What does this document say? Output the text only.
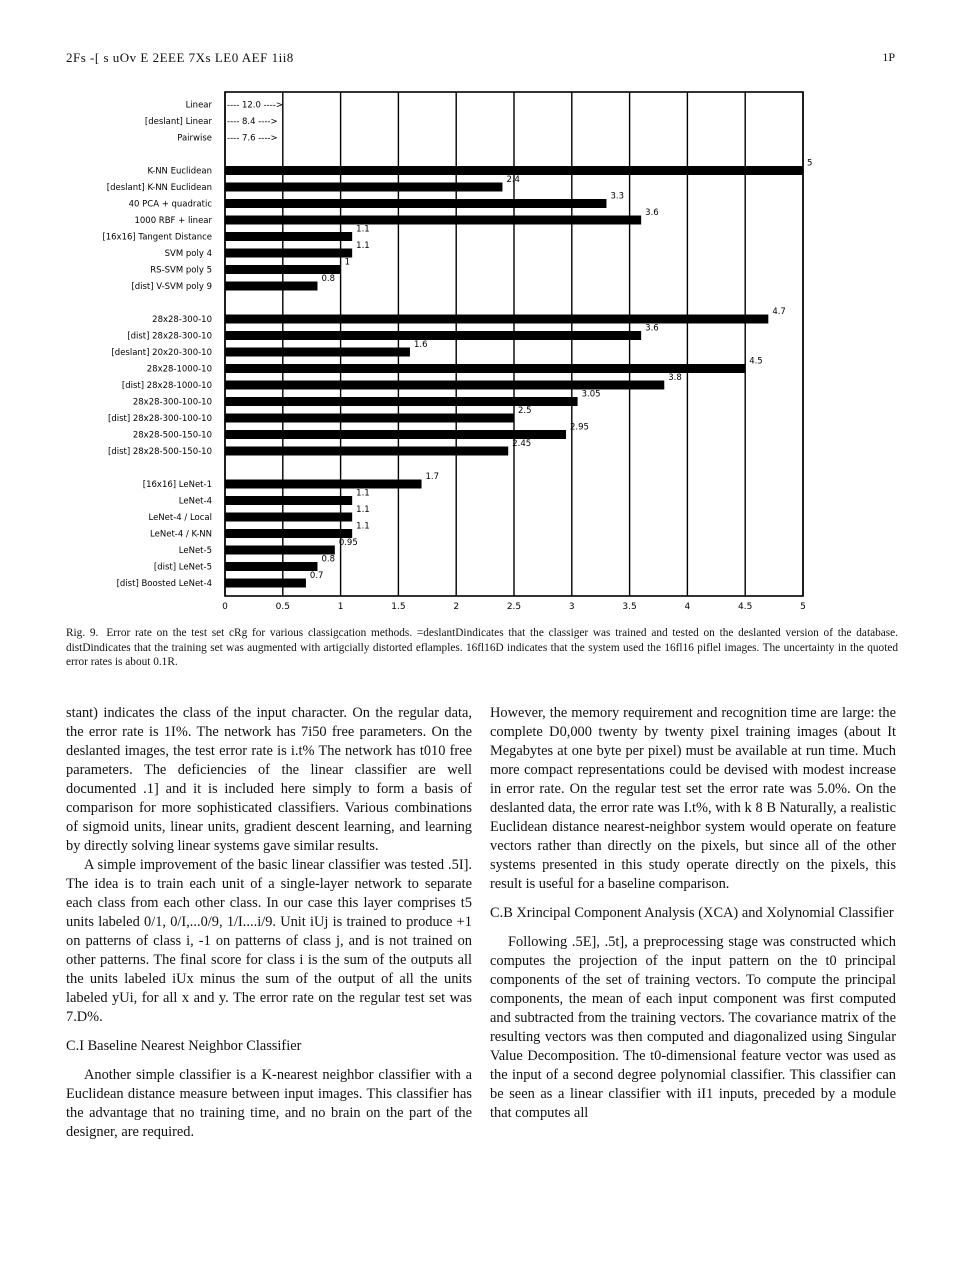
2Fs -[ s uOv E 2EEE 7Xs LE0 AEF 1ii8	1P
0	0.5	1	1.5	2	2.5	3	3.5	4	4.5	5
Linear ---- 12.0 ---->
[deslant] Linear ---- 8.4 ---->
Pairwise ---- 7.6 ---->
K-NN Euclidean
5
[deslant] K-NN Euclidean
2.4
40 PCA + quadratic
3.3
1000 RBF + linear
3.6
[16x16] Tangent Distance
1.1
SVM poly 4
1.1
RS-SVM poly 5
1
[dist] V-SVM poly 9
0.8
28x28-300-10
4.7
[dist] 28x28-300-10
3.6
[deslant] 20x20-300-10
1.6
28x28-1000-10
4.5
[dist] 28x28-1000-10
3.8
28x28-300-100-10
3.05
[dist] 28x28-300-100-10
2.5
28x28-500-150-10
2.95
[dist] 28x28-500-150-10
2.45
[16x16] LeNet-1
1.7
LeNet-4
1.1
LeNet-4 / Local
1.1
LeNet-4 / K-NN
1.1
LeNet-5
0.95
[dist] LeNet-5
0.8
[dist] Boosted LeNet-4
0.7
Rig. 9. Error rate on the test set cRg for various classigcation methods. =deslantDindicates that the classiger was trained and tested on the deslanted version of the database. distDindicates that the training set was augmented with artigcially distorted eflamples. 16fl16D indicates that the system used the 16fl16 piflel images. The uncertainty in the quoted error rates is about 0.1R.

stant) indicates the class of the input character. On the regular data, the error rate is 1I%. The network has 7i50 free parameters. On the deslanted images, the test error rate is i.t% The network has t010 free parameters. The deficiencies of the linear classifier are well documented .1] and it is included here simply to form a basis of comparison for more sophisticated classifiers. Various combinations of sigmoid units, linear units, gradient descent learning, and learning by directly solving linear systems gave similar results.

A simple improvement of the basic linear classifier was tested .5I]. The idea is to train each unit of a single-layer network to separate each class from each other class. In our case this layer comprises t5 units labeled 0/1, 0/I,...0/9, 1/I....i/9. Unit iUj is trained to produce +1 on patterns of class i, -1 on patterns of class j, and is not trained on other patterns. The final score for class i is the sum of the outputs all the units labeled iUx minus the sum of the output of all the units labeled yUi, for all x and y. The error rate on the regular test set was 7.D%.

C.I Baseline Nearest Neighbor Classifier

Another simple classifier is a K-nearest neighbor classifier with a Euclidean distance measure between input images. This classifier has the advantage that no training time, and no brain on the part of the designer, are required.

However, the memory requirement and recognition time are large: the complete D0,000 twenty by twenty pixel training images (about It Megabytes at one byte per pixel) must be available at run time. Much more compact representations could be devised with modest increase in error rate. On the regular test set the error rate was 5.0%. On the deslanted data, the error rate was I.t%, with k 8 B Naturally, a realistic Euclidean distance nearest-neighbor system would operate on feature vectors rather than directly on the pixels, but since all of the other systems presented in this study operate directly on the pixels, this result is useful for a baseline comparison.

C.B Xrincipal Component Analysis (XCA) and Xolynomial Classifier

Following .5E], .5t], a preprocessing stage was constructed which computes the projection of the input pattern on the t0 principal components of the set of training vectors. To compute the principal components, the mean of each input component was first computed and subtracted from the training vectors. The covariance matrix of the resulting vectors was then computed and diagonalized using Singular Value Decomposition. The t0-dimensional feature vector was used as the input of a second degree polynomial classifier. This classifier can be seen as a linear classifier with iI1 inputs, preceded by a module that computes all
